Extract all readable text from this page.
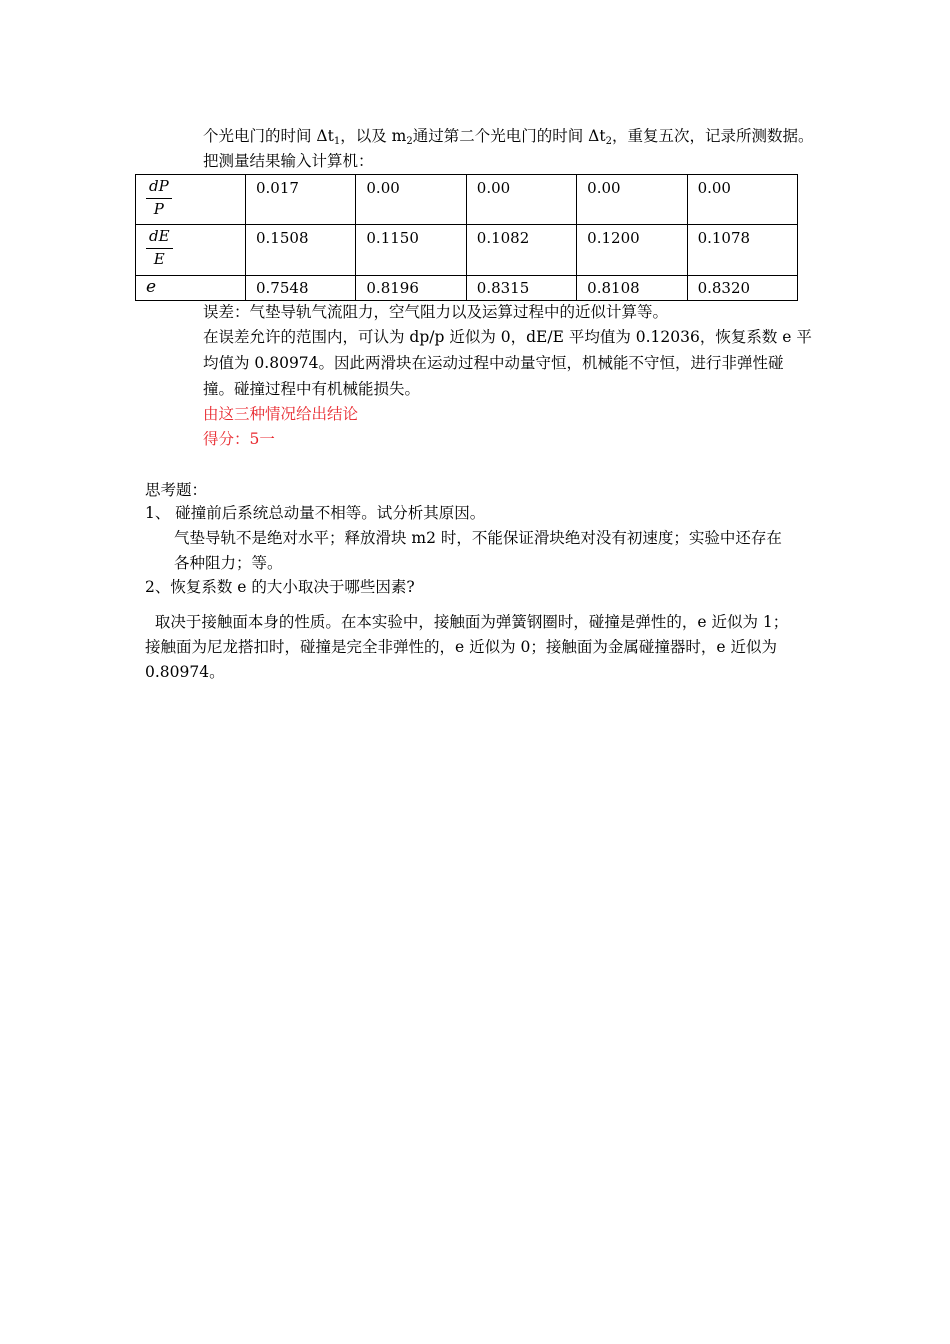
个光电门的时间 $\Delta t_1$，以及 $m_2$通过第二个光电门的时间 $\Delta t_2$，重复五次，记录所测数据。
把测量结果输入计算机：
$\frac{dP}{P}$	0.017	0.00	0.00	0.00	0.00

$\frac{dE}{E}$	0.1508	0.1150	0.1082	0.1200	0.1078
e	0.7548	0.8196	0.8315	0.8108	0.8320
误差：气垫导轨气流阻力，空气阻力以及运算过程中的近似计算等。
在误差允许的范围内，可认为 dp/p 近似为 0，dE/E 平均值为 0.12036，恢复系数 e 平
均值为 0.80974。因此两滑块在运动过程中动量守恒，机械能不守恒，进行非弹性碰
撞。碰撞过程中有机械能损失。
由这三种情况给出结论
得分：5一
思考题：
1、 碰撞前后系统总动量不相等。试分析其原因。
气垫导轨不是绝对水平；释放滑块 m2 时，不能保证滑块绝对没有初速度；实验中还存在
各种阻力；等。
2、恢复系数 e 的大小取决于哪些因素?
取决于接触面本身的性质。在本实验中，接触面为弹簧钢圈时，碰撞是弹性的，e 近似为 1；
接触面为尼龙搭扣时，碰撞是完全非弹性的，e 近似为 0；接触面为金属碰撞器时，e 近似为
0.80974。
